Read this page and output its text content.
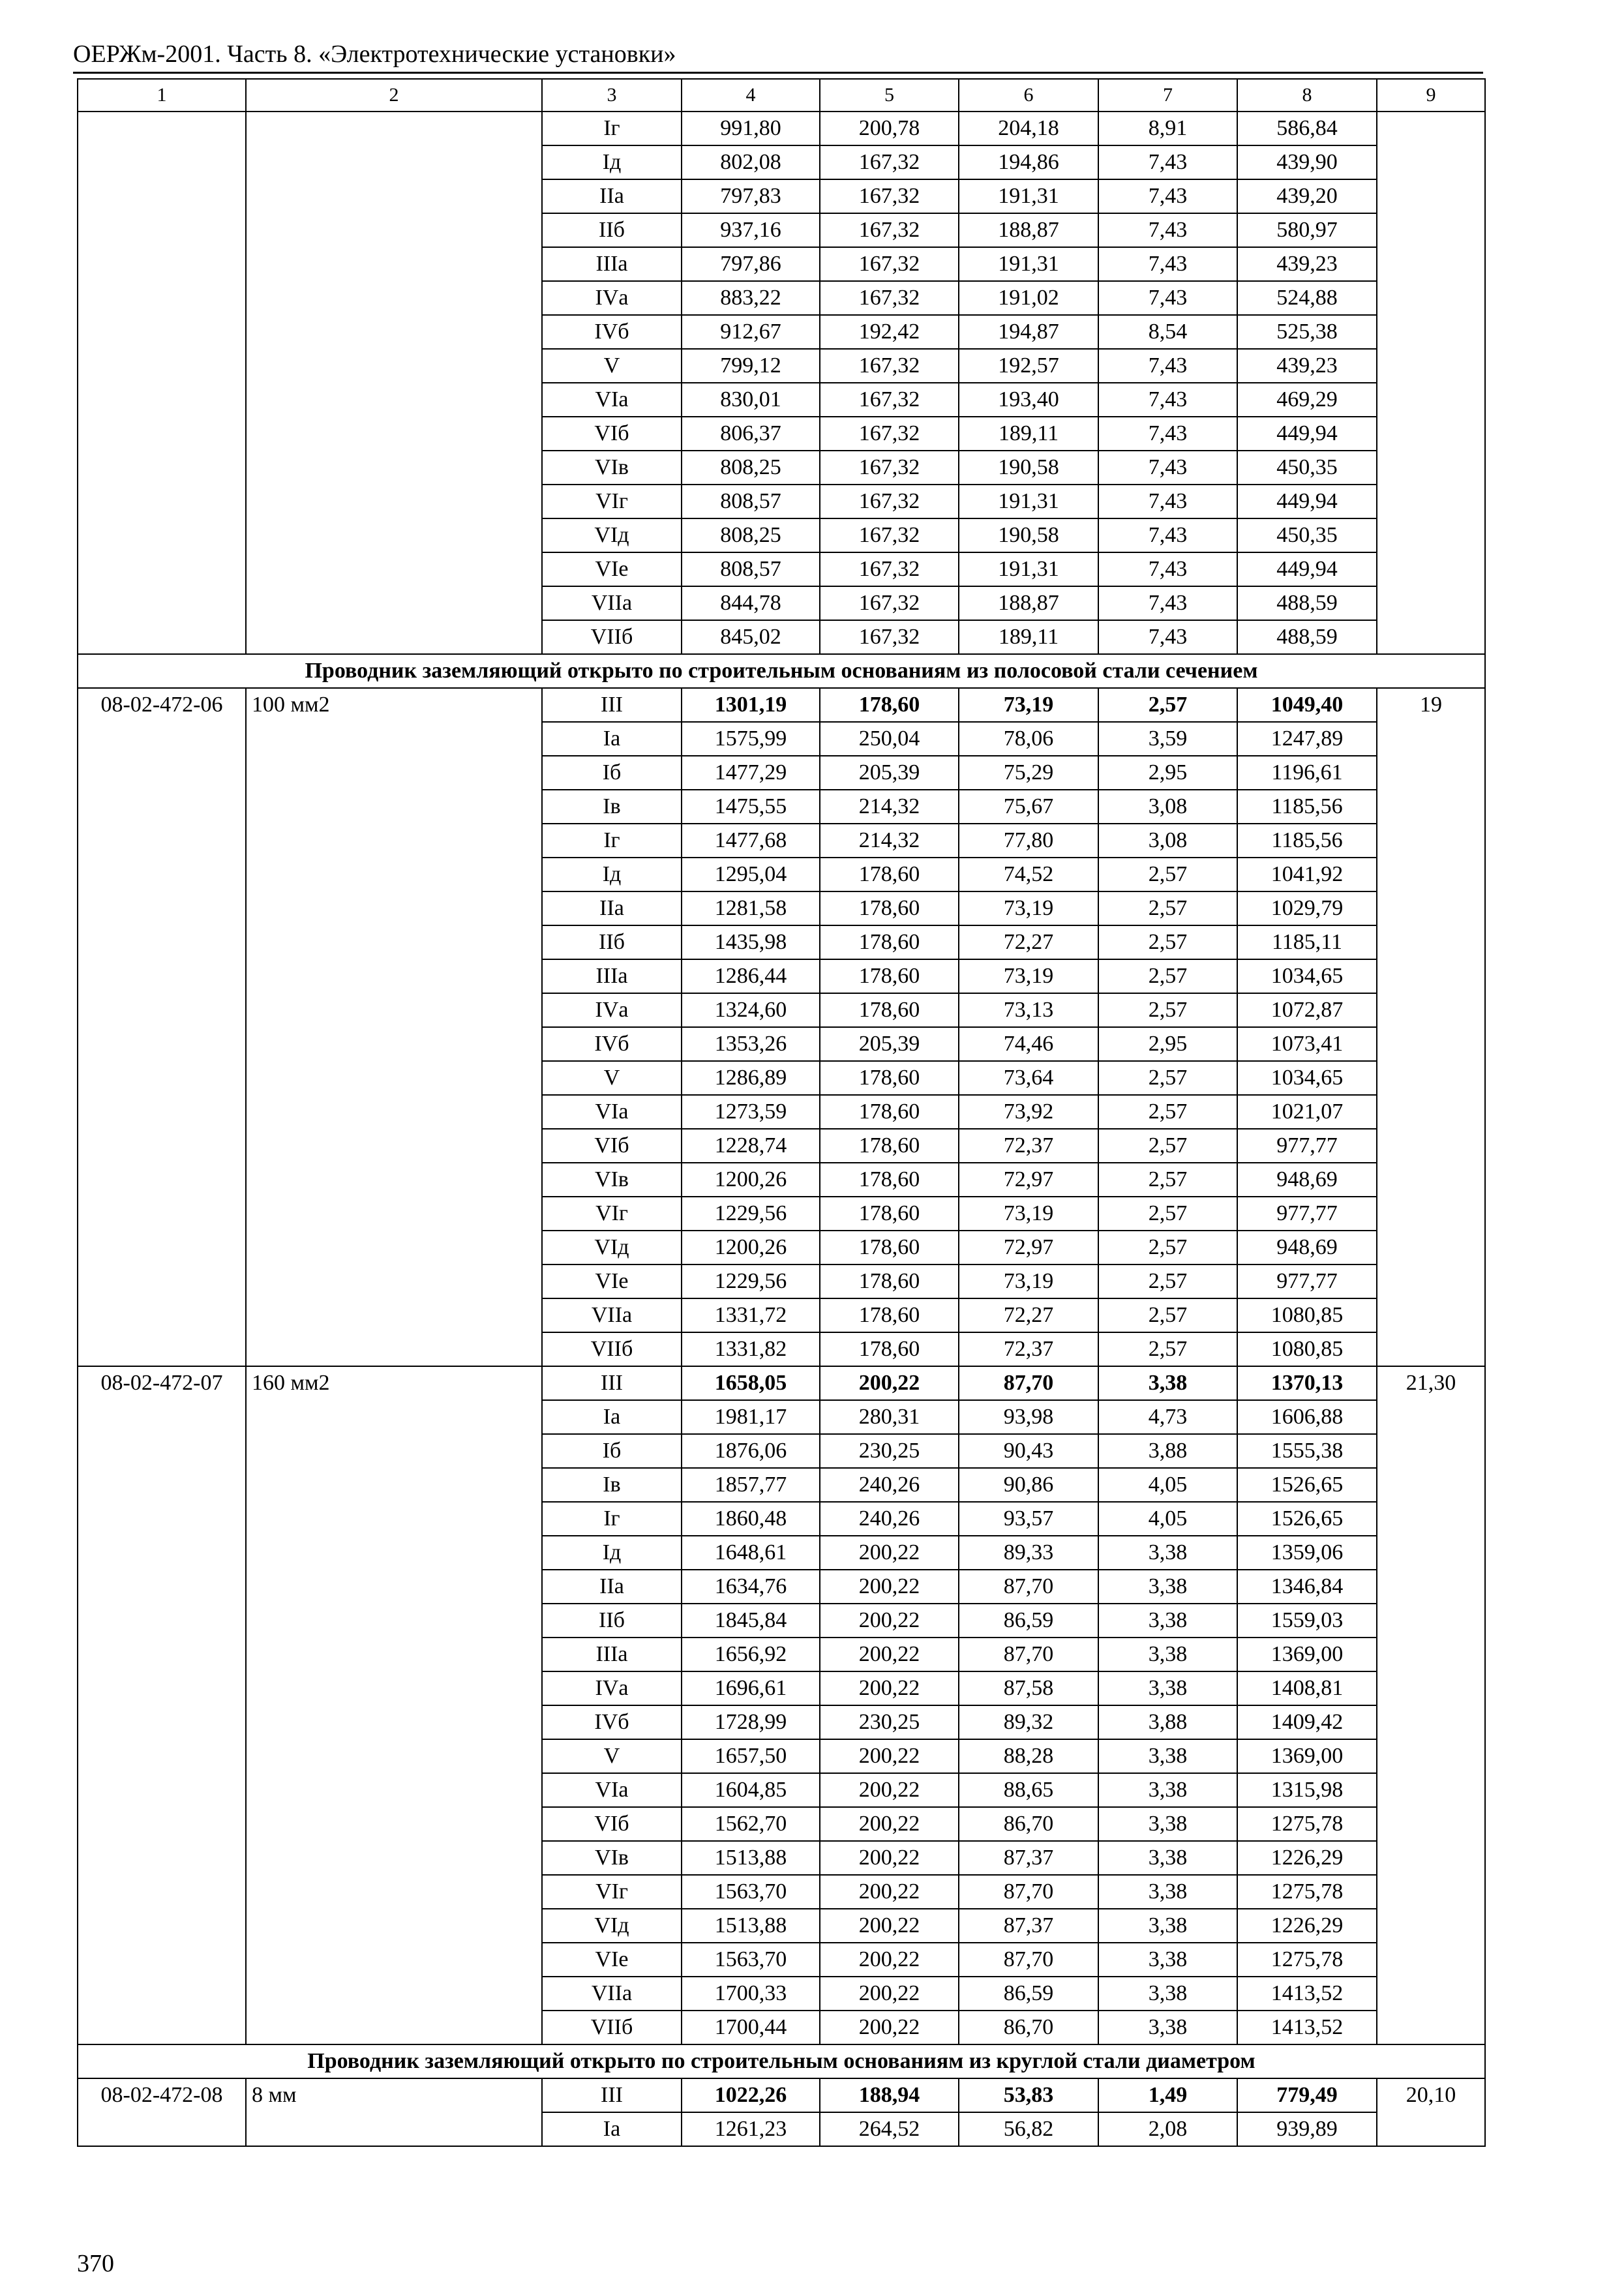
ОЕРЖм-2001. Часть 8. «Электротехнические установки»
1	2	3	4	5	6	7	8	9
		Iг	991,80	200,78	204,18	8,91	586,84	
		Iд	802,08	167,32	194,86	7,43	439,90	
		IIа	797,83	167,32	191,31	7,43	439,20	
		IIб	937,16	167,32	188,87	7,43	580,97	
		IIIа	797,86	167,32	191,31	7,43	439,23	
		IVа	883,22	167,32	191,02	7,43	524,88	
		IVб	912,67	192,42	194,87	8,54	525,38	
		V	799,12	167,32	192,57	7,43	439,23	
		VIа	830,01	167,32	193,40	7,43	469,29	
		VIб	806,37	167,32	189,11	7,43	449,94	
		VIв	808,25	167,32	190,58	7,43	450,35	
		VIг	808,57	167,32	191,31	7,43	449,94	
		VIд	808,25	167,32	190,58	7,43	450,35	
		VIе	808,57	167,32	191,31	7,43	449,94	
		VIIа	844,78	167,32	188,87	7,43	488,59	
		VIIб	845,02	167,32	189,11	7,43	488,59	
Проводник заземляющий открыто по строительным основаниям из полосовой стали сечением								
08-02-472-06	100 мм2	III	1301,19	178,60	73,19	2,57	1049,40	19
		Iа	1575,99	250,04	78,06	3,59	1247,89	
		Iб	1477,29	205,39	75,29	2,95	1196,61	
		Iв	1475,55	214,32	75,67	3,08	1185,56	
		Iг	1477,68	214,32	77,80	3,08	1185,56	
		Iд	1295,04	178,60	74,52	2,57	1041,92	
		IIа	1281,58	178,60	73,19	2,57	1029,79	
		IIб	1435,98	178,60	72,27	2,57	1185,11	
		IIIа	1286,44	178,60	73,19	2,57	1034,65	
		IVа	1324,60	178,60	73,13	2,57	1072,87	
		IVб	1353,26	205,39	74,46	2,95	1073,41	
		V	1286,89	178,60	73,64	2,57	1034,65	
		VIа	1273,59	178,60	73,92	2,57	1021,07	
		VIб	1228,74	178,60	72,37	2,57	977,77	
		VIв	1200,26	178,60	72,97	2,57	948,69	
		VIг	1229,56	178,60	73,19	2,57	977,77	
		VIд	1200,26	178,60	72,97	2,57	948,69	
		VIе	1229,56	178,60	73,19	2,57	977,77	
		VIIа	1331,72	178,60	72,27	2,57	1080,85	
		VIIб	1331,82	178,60	72,37	2,57	1080,85	
08-02-472-07	160 мм2	III	1658,05	200,22	87,70	3,38	1370,13	21,30
		Iа	1981,17	280,31	93,98	4,73	1606,88	
		Iб	1876,06	230,25	90,43	3,88	1555,38	
		Iв	1857,77	240,26	90,86	4,05	1526,65	
		Iг	1860,48	240,26	93,57	4,05	1526,65	
		Iд	1648,61	200,22	89,33	3,38	1359,06	
		IIа	1634,76	200,22	87,70	3,38	1346,84	
		IIб	1845,84	200,22	86,59	3,38	1559,03	
		IIIа	1656,92	200,22	87,70	3,38	1369,00	
		IVа	1696,61	200,22	87,58	3,38	1408,81	
		IVб	1728,99	230,25	89,32	3,88	1409,42	
		V	1657,50	200,22	88,28	3,38	1369,00	
		VIа	1604,85	200,22	88,65	3,38	1315,98	
		VIб	1562,70	200,22	86,70	3,38	1275,78	
		VIв	1513,88	200,22	87,37	3,38	1226,29	
		VIг	1563,70	200,22	87,70	3,38	1275,78	
		VIд	1513,88	200,22	87,37	3,38	1226,29	
		VIе	1563,70	200,22	87,70	3,38	1275,78	
		VIIа	1700,33	200,22	86,59	3,38	1413,52	
		VIIб	1700,44	200,22	86,70	3,38	1413,52	
Проводник заземляющий открыто по строительным основаниям из круглой стали диаметром								
08-02-472-08	8 мм	III	1022,26	188,94	53,83	1,49	779,49	20,10
		Iа	1261,23	264,52	56,82	2,08	939,89	
370
